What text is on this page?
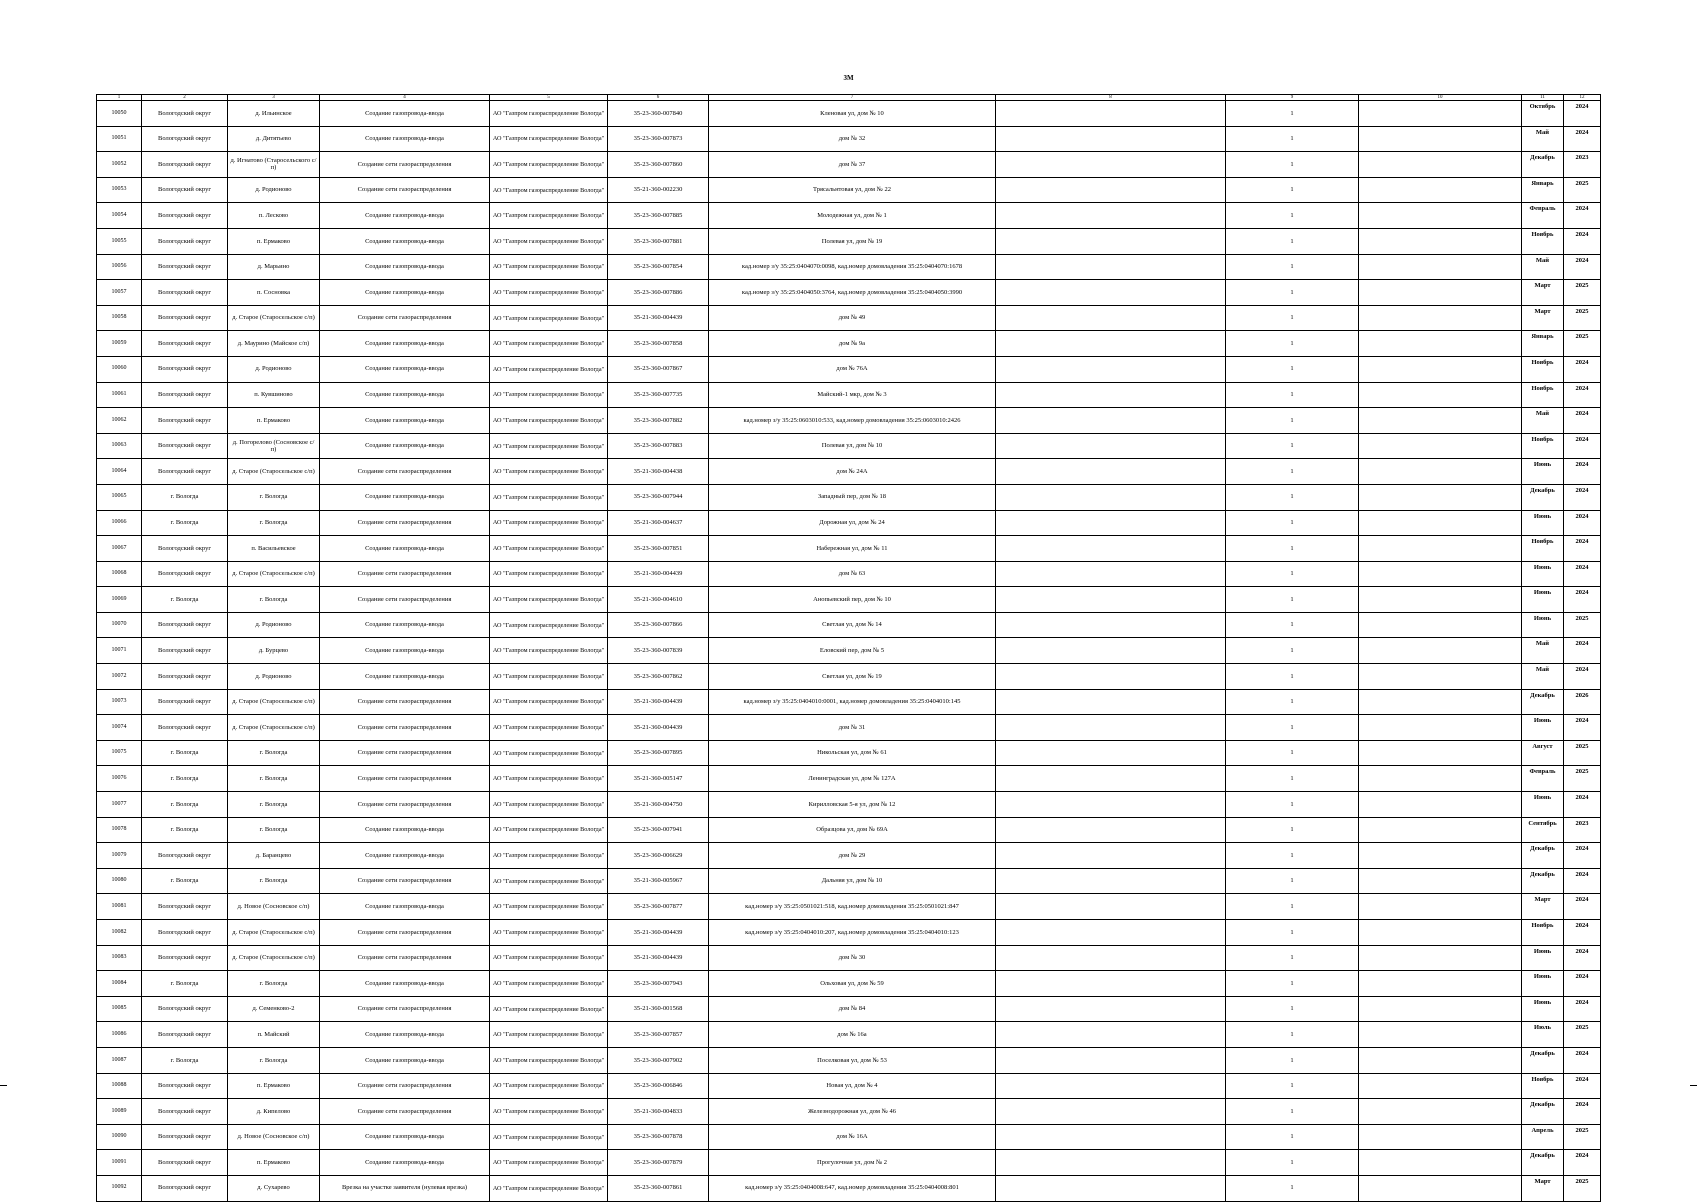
3M
1	2	3	4	5	6	7	8	9	10	11	12
10050	Вологодский округ	д. Ильинское	Создание газопровода-ввода	АО "Газпром газораспределение Вологда"	35-23-360-007840	Кленовая ул, дом № 10		1		Октябрь	2024
10051	Вологодский округ	д. Дитятьево	Создание газопровода-ввода	АО "Газпром газораспределение Вологда"	35-23-360-007873	дом № 32		1		Май	2024
10052	Вологодский округ	д. Игнатово (Старосельского с/п)	Создание сети газораспределения	АО "Газпром газораспределение Вологда"	35-23-360-007860	дом № 37		1		Декабрь	2023
10053	Вологодский округ	д. Родионово	Создание сети газораспределения	АО "Газпром газораспределение Вологда"	35-21-360-002230	Трясальнтовая ул, дом № 22		1		Январь	2025
10054	Вологодский округ	п. Лесково	Создание газопровода-ввода	АО "Газпром газораспределение Вологда"	35-23-360-007885	Молодежная ул, дом № 1		1		Февраль	2024
10055	Вологодский округ	п. Ермаково	Создание газопровода-ввода	АО "Газпром газораспределение Вологда"	35-23-360-007881	Полевая ул, дом № 19		1		Ноябрь	2024
10056	Вологодский округ	д. Марьино	Создание газопровода-ввода	АО "Газпром газораспределение Вологда"	35-23-360-007854	кад.номер з/у 35:25:0404070:0098, кад.номер домовладения 35:25:0404070:1678		1		Май	2024
10057	Вологодский округ	п. Сосновка	Создание газопровода-ввода	АО "Газпром газораспределение Вологда"	35-23-360-007886	кад.номер з/у 35:25:0404050:3764, кад.номер домовладения 35:25:0404050:3990		1		Март	2025
10058	Вологодский округ	д. Старое (Старосельское с/п)	Создание сети газораспределения	АО "Газпром газораспределение Вологда"	35-21-360-004439	дом № 49		1		Март	2025
10059	Вологодский округ	д. Маурино (Майское с/п)	Создание газопровода-ввода	АО "Газпром газораспределение Вологда"	35-23-360-007858	дом № 9а		1		Январь	2025
10060	Вологодский округ	д. Родионово	Создание газопровода-ввода	АО "Газпром газораспределение Вологда"	35-23-360-007867	дом № 76А		1		Ноябрь	2024
10061	Вологодский округ	п. Кувшиново	Создание газопровода-ввода	АО "Газпром газораспределение Вологда"	35-23-360-007735	Майский-1 мкр, дом № 3		1		Ноябрь	2024
10062	Вологодский округ	п. Ермаково	Создание газопровода-ввода	АО "Газпром газораспределение Вологда"	35-23-360-007882	кад.номер з/у 35:25:0603010:533, кад.номер домовладения 35:25:0603010:2426		1		Май	2024
10063	Вологодский округ	д. Погорелово (Сосновское с/п)	Создание газопровода-ввода	АО "Газпром газораспределение Вологда"	35-23-360-007883	Полевая ул, дом № 10		1		Ноябрь	2024
10064	Вологодский округ	д. Старое (Старосельское с/п)	Создание сети газораспределения	АО "Газпром газораспределение Вологда"	35-21-360-004438	дом № 24А		1		Июнь	2024
10065	г. Вологда	г. Вологда	Создание газопровода-ввода	АО "Газпром газораспределение Вологда"	35-23-360-007944	Западный пер, дом № 18		1		Декабрь	2024
10066	г. Вологда	г. Вологда	Создание сети газораспределения	АО "Газпром газораспределение Вологда"	35-21-360-004637	Дорожная ул, дом № 24		1		Июнь	2024
10067	Вологодский округ	п. Васильевское	Создание газопровода-ввода	АО "Газпром газораспределение Вологда"	35-23-360-007851	Набережная ул, дом № 11		1		Ноябрь	2024
10068	Вологодский округ	д. Старое (Старосельское с/п)	Создание сети газораспределения	АО "Газпром газораспределение Вологда"	35-21-360-004439	дом № 63		1		Июнь	2024
10069	г. Вологда	г. Вологда	Создание сети газораспределения	АО "Газпром газораспределение Вологда"	35-21-360-004610	Анопьевский пер, дом № 10		1		Июнь	2024
10070	Вологодский округ	д. Родионово	Создание газопровода-ввода	АО "Газпром газораспределение Вологда"	35-23-360-007866	Светлая ул, дом № 14		1		Июнь	2025
10071	Вологодский округ	д. Бурцево	Создание газопровода-ввода	АО "Газпром газораспределение Вологда"	35-23-360-007839	Еловский пер, дом № 5		1		Май	2024
10072	Вологодский округ	д. Родионово	Создание газопровода-ввода	АО "Газпром газораспределение Вологда"	35-23-360-007862	Светлая ул, дом № 19		1		Май	2024
10073	Вологодский округ	д. Старое (Старосельское с/п)	Создание сети газораспределения	АО "Газпром газораспределение Вологда"	35-21-360-004439	кад.номер з/у 35:25:0404010:0001, кад.номер домовладения 35:25:0404010:145		1		Декабрь	2026
10074	Вологодский округ	д. Старое (Старосельское с/п)	Создание сети газораспределения	АО "Газпром газораспределение Вологда"	35-21-360-004439	дом № 31		1		Июнь	2024
10075	г. Вологда	г. Вологда	Создание сети газораспределения	АО "Газпром газораспределение Вологда"	35-23-360-007895	Никольская ул, дом № 61		1		Август	2025
10076	г. Вологда	г. Вологда	Создание сети газораспределения	АО "Газпром газораспределение Вологда"	35-21-360-005147	Ленинградская ул, дом № 127А		1		Февраль	2025
10077	г. Вологда	г. Вологда	Создание сети газораспределения	АО "Газпром газораспределение Вологда"	35-21-360-004750	Кирилловская 5-я ул, дом № 12		1		Июнь	2024
10078	г. Вологда	г. Вологда	Создание газопровода-ввода	АО "Газпром газораспределение Вологда"	35-23-360-007941	Образцова ул, дом № 69А		1		Сентябрь	2023
10079	Вологодский округ	д. Баранцево	Создание газопровода-ввода	АО "Газпром газораспределение Вологда"	35-23-360-006629	дом № 29		1		Декабрь	2024
10080	г. Вологда	г. Вологда	Создание сети газораспределения	АО "Газпром газораспределение Вологда"	35-21-360-005967	Дальняя ул, дом № 10		1		Декабрь	2024
10081	Вологодский округ	д. Новое (Сосновское с/п)	Создание газопровода-ввода	АО "Газпром газораспределение Вологда"	35-23-360-007877	кад.номер з/у 35:25:0501021:518, кад.номер домовладения 35:25:0501021:847		1		Март	2024
10082	Вологодский округ	д. Старое (Старосельское с/п)	Создание сети газораспределения	АО "Газпром газораспределение Вологда"	35-21-360-004439	кад.номер з/у 35:25:0404010:207, кад.номер домовладения 35:25:0404010:123		1		Ноябрь	2024
10083	Вологодский округ	д. Старое (Старосельское с/п)	Создание сети газораспределения	АО "Газпром газораспределение Вологда"	35-21-360-004439	дом № 30		1		Июнь	2024
10084	г. Вологда	г. Вологда	Создание газопровода-ввода	АО "Газпром газораспределение Вологда"	35-23-360-007943	Ольховая ул, дом № 59		1		Июнь	2024
10085	Вологодский округ	д. Семенково-2	Создание сети газораспределения	АО "Газпром газораспределение Вологда"	35-21-360-001568	дом № 84		1		Июнь	2024
10086	Вологодский округ	п. Майский	Создание газопровода-ввода	АО "Газпром газораспределение Вологда"	35-23-360-007857	дом № 16а		1		Июль	2025
10087	г. Вологда	г. Вологда	Создание газопровода-ввода	АО "Газпром газораспределение Вологда"	35-23-360-007902	Поселковая ул, дом № 53		1		Декабрь	2024
10088	Вологодский округ	п. Ермаково	Создание сети газораспределения	АО "Газпром газораспределение Вологда"	35-23-360-006846	Новая ул, дом № 4		1		Ноябрь	2024
10089	Вологодский округ	д. Кипелово	Создание сети газораспределения	АО "Газпром газораспределение Вологда"	35-21-360-004833	Железнодорожная ул, дом № 46		1		Декабрь	2024
10090	Вологодский округ	д. Новое (Сосновское с/п)	Создание газопровода-ввода	АО "Газпром газораспределение Вологда"	35-23-360-007878	дом № 16А		1		Апрель	2025
10091	Вологодский округ	п. Ермаково	Создание газопровода-ввода	АО "Газпром газораспределение Вологда"	35-23-360-007879	Прогулочная ул, дом № 2		1		Декабрь	2024
10092	Вологодский округ	д. Сухарево	Врезка на участке заявителя (нулевая врезка)	АО "Газпром газораспределение Вологда"	35-23-360-007861	кад.номер з/у 35:25:0404008:647, кад.номер домовладения 35:25:0404008:801		1		Март	2025
